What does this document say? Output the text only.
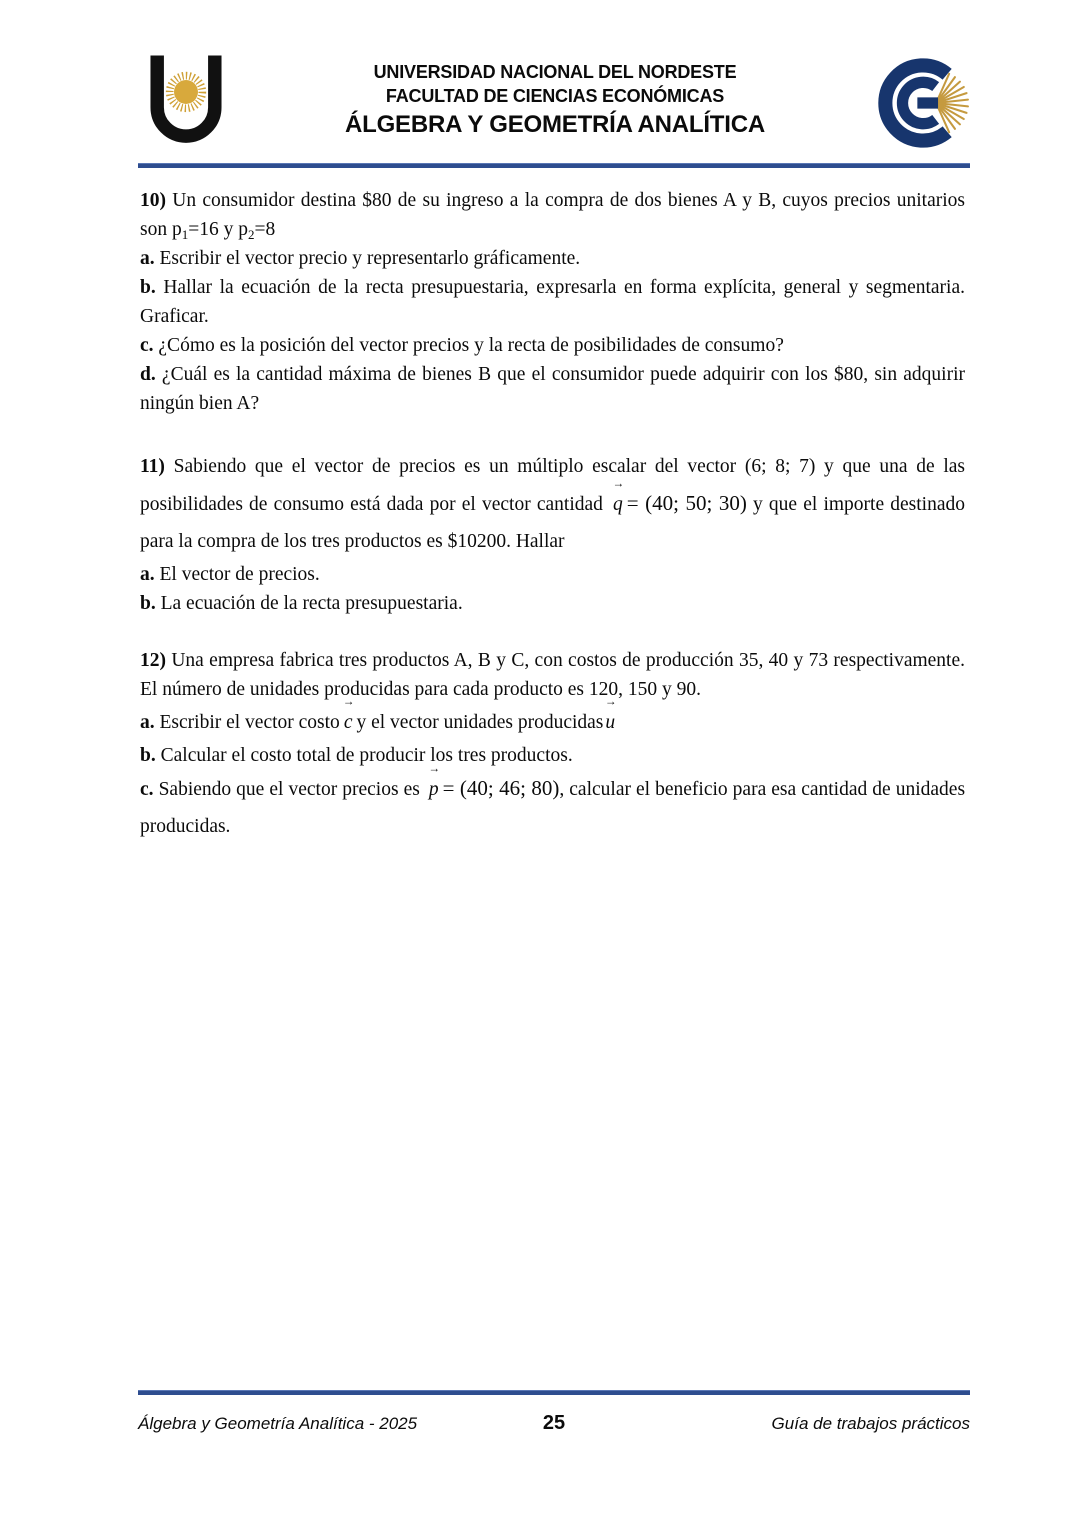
UNIVERSIDAD NACIONAL DEL NORDESTE
FACULTAD DE CIENCIAS ECONÓMICAS
ÁLGEBRA Y GEOMETRÍA ANALÍTICA

10) Un consumidor destina $80 de su ingreso a la compra de dos bienes A y B, cuyos precios unitarios son $p_1=16$ y $p_2=8$

a. Escribir el vector precio y representarlo gráficamente.

b. Hallar la ecuación de la recta presupuestaria, expresarla en forma explícita, general y segmentaria. Graficar.

c. ¿Cómo es la posición del vector precios y la recta de posibilidades de consumo?

d. ¿Cuál es la cantidad máxima de bienes B que el consumidor puede adquirir con los $80, sin adquirir ningún bien A?

11) Sabiendo que el vector de precios es un múltiplo escalar del vector (6; 8; 7) y que una de las posibilidades de consumo está dada por el vector cantidad → q = (40; 50; 30) y que el importe destinado para la compra de los tres productos es $10200. Hallar

a. El vector de precios.

b. La ecuación de la recta presupuestaria.

12) Una empresa fabrica tres productos A, B y C, con costos de producción 35, 40 y 73 respectivamente. El número de unidades producidas para cada producto es 120, 150 y 90.

a. Escribir el vector costo → c y el vector unidades producidas → u

b. Calcular el costo total de producir los tres productos.

c. Sabiendo que el vector precios es → p = (40; 46; 80), calcular el beneficio para esa cantidad de unidades producidas.

Álgebra y Geometría Analítica - 2025	25	Guía de trabajos prácticos
